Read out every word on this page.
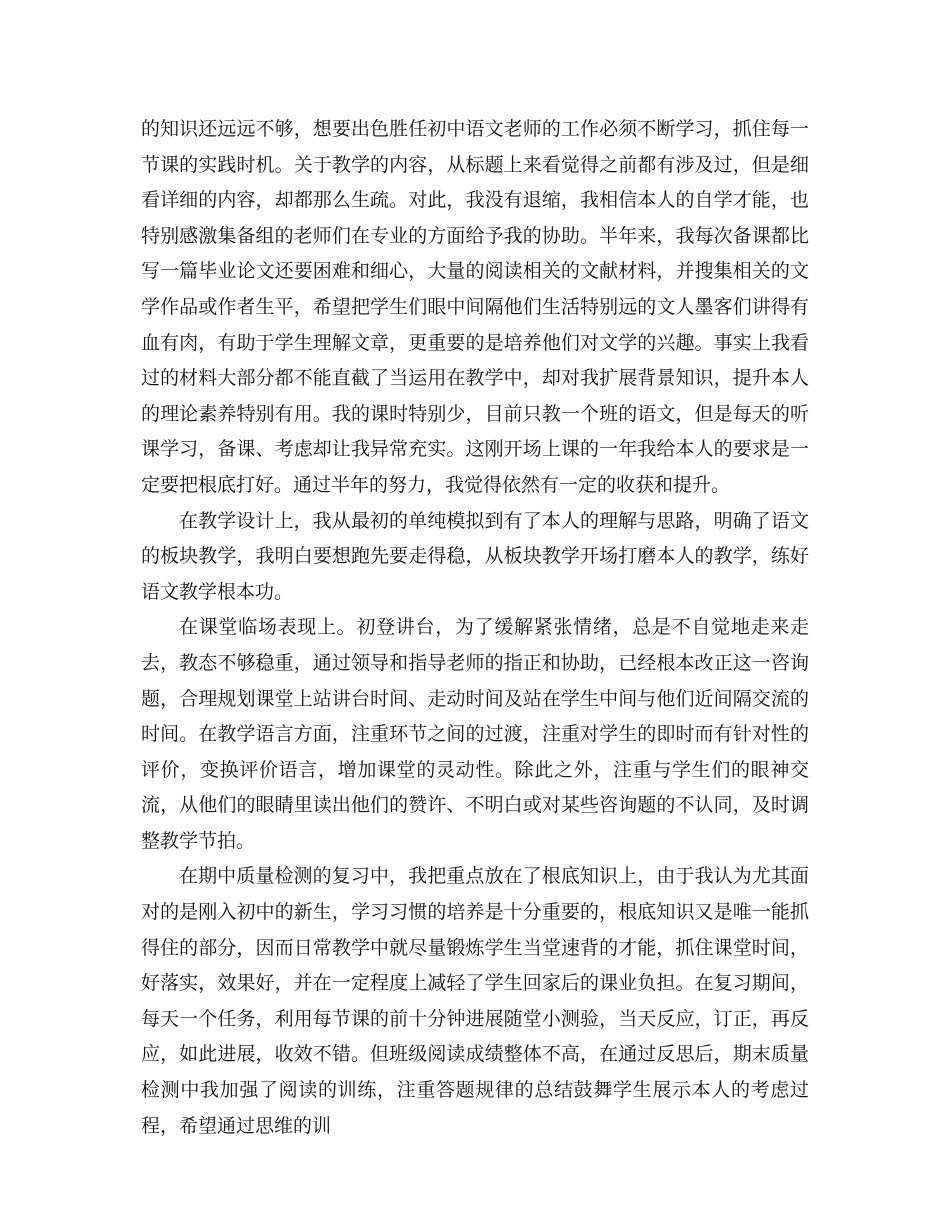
的知识还远远不够，想要出色胜任初中语文老师的工作必须不断学习，抓住每一节课的实践时机。关于教学的内容，从标题上来看觉得之前都有涉及过，但是细看详细的内容，却都那么生疏。对此，我没有退缩，我相信本人的自学才能，也特别感激集备组的老师们在专业的方面给予我的协助。半年来，我每次备课都比写一篇毕业论文还要困难和细心，大量的阅读相关的文献材料，并搜集相关的文学作品或作者生平，希望把学生们眼中间隔他们生活特别远的文人墨客们讲得有血有肉，有助于学生理解文章，更重要的是培养他们对文学的兴趣。事实上我看过的材料大部分都不能直截了当运用在教学中，却对我扩展背景知识，提升本人的理论素养特别有用。我的课时特别少，目前只教一个班的语文，但是每天的听课学习，备课、考虑却让我异常充实。这刚开场上课的一年我给本人的要求是一定要把根底打好。通过半年的努力，我觉得依然有一定的收获和提升。

在教学设计上，我从最初的单纯模拟到有了本人的理解与思路，明确了语文的板块教学，我明白要想跑先要走得稳，从板块教学开场打磨本人的教学，练好语文教学根本功。

在课堂临场表现上。初登讲台，为了缓解紧张情绪，总是不自觉地走来走去，教态不够稳重，通过领导和指导老师的指正和协助，已经根本改正这一咨询题，合理规划课堂上站讲台时间、走动时间及站在学生中间与他们近间隔交流的时间。在教学语言方面，注重环节之间的过渡，注重对学生的即时而有针对性的评价，变换评价语言，增加课堂的灵动性。除此之外，注重与学生们的眼神交流，从他们的眼睛里读出他们的赞许、不明白或对某些咨询题的不认同，及时调整教学节拍。

在期中质量检测的复习中，我把重点放在了根底知识上，由于我认为尤其面对的是刚入初中的新生，学习习惯的培养是十分重要的，根底知识又是唯一能抓得住的部分，因而日常教学中就尽量锻炼学生当堂速背的才能，抓住课堂时间，好落实，效果好，并在一定程度上减轻了学生回家后的课业负担。在复习期间，每天一个任务，利用每节课的前十分钟进展随堂小测验，当天反应，订正，再反应，如此进展，收效不错。但班级阅读成绩整体不高，在通过反思后，期末质量检测中我加强了阅读的训练，注重答题规律的总结鼓舞学生展示本人的考虑过程，希望通过思维的训
